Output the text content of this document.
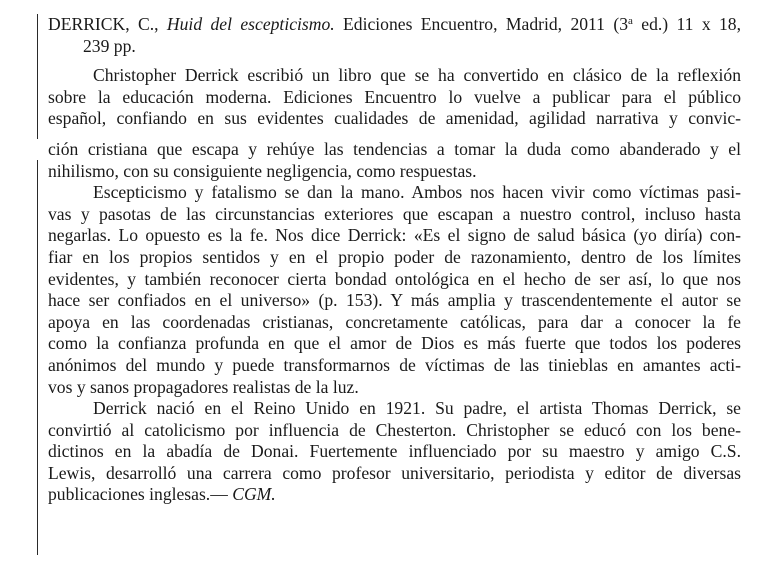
DERRICK, C., Huid del escepticismo. Ediciones Encuentro, Madrid, 2011 (3$^a$ ed.) 11 x 18,
239 pp.
Christopher Derrick escribió un libro que se ha convertido en clásico de la reflexión
sobre la educación moderna. Ediciones Encuentro lo vuelve a publicar para el público
español, confiando en sus evidentes cualidades de amenidad, agilidad narrativa y convic-
ción cristiana que escapa y rehúye las tendencias a tomar la duda como abanderado y el
nihilismo, con su consiguiente negligencia, como respuestas.
Escepticismo y fatalismo se dan la mano. Ambos nos hacen vivir como víctimas pasi-
vas y pasotas de las circunstancias exteriores que escapan a nuestro control, incluso hasta
negarlas. Lo opuesto es la fe. Nos dice Derrick: «Es el signo de salud básica (yo diría) con-
fiar en los propios sentidos y en el propio poder de razonamiento, dentro de los límites
evidentes, y también reconocer cierta bondad ontológica en el hecho de ser así, lo que nos
hace ser confiados en el universo» (p. 153). Y más amplia y trascendentemente el autor se
apoya en las coordenadas cristianas, concretamente católicas, para dar a conocer la fe
como la confianza profunda en que el amor de Dios es más fuerte que todos los poderes
anónimos del mundo y puede transformarnos de víctimas de las tinieblas en amantes acti-
vos y sanos propagadores realistas de la luz.
Derrick nació en el Reino Unido en 1921. Su padre, el artista Thomas Derrick, se
convirtió al catolicismo por influencia de Chesterton. Christopher se educó con los bene-
dictinos en la abadía de Donai. Fuertemente influenciado por su maestro y amigo C.S.
Lewis, desarrolló una carrera como profesor universitario, periodista y editor de diversas
publicaciones inglesas.— CGM.
